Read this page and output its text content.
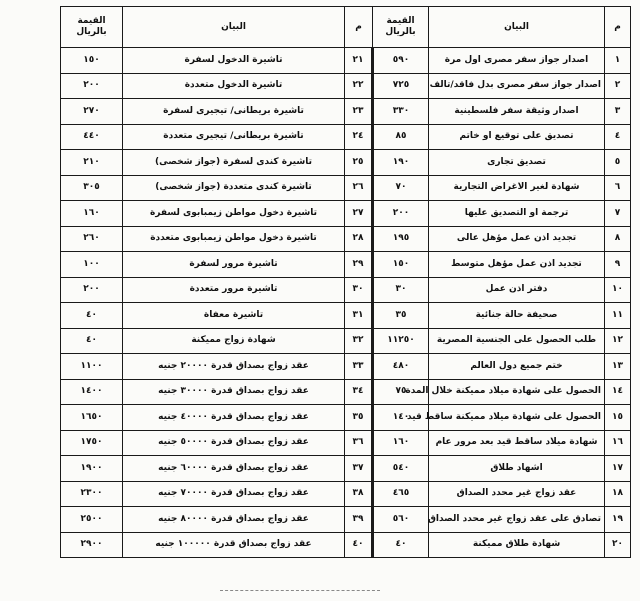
م	البيان	القيمة بالريال	م	البيان	القيمة بالريال
١	اصدار جواز سفر مصرى اول مرة	٥٩٠	٢١	تاشيرة الدخول لسفرة	١٥٠
٢	اصدار جواز سفر مصرى بدل فاقد/تالف	٧٢٥	٢٢	تاشيرة الدخول متعددة	٢٠٠
٣	اصدار وثيقة سفر فلسطينية	٣٣٠	٢٣	تاشيرة بريطانى/ تيجيرى لسفرة	٢٧٠
٤	تصديق على توقيع او خاتم	٨٥	٢٤	تاشيرة بريطانى/ تيجيرى متعددة	٤٤٠
٥	تصديق تجارى	١٩٠	٢٥	تاشيرة كندى لسفرة (جواز شخصى)	٢١٠
٦	شهادة لغير الاغراض التجارية	٧٠	٢٦	تاشيرة كندى متعددة (جواز شخصى)	٣٠٥
٧	ترجمة او التصديق عليها	٢٠٠	٢٧	تاشيرة دخول مواطن زيمبابوى لسفرة	١٦٠
٨	تجديد اذن عمل مؤهل عالى	١٩٥	٢٨	تاشيرة دخول مواطن زيمبابوى متعددة	٢٦٠
٩	تجديد اذن عمل مؤهل متوسط	١٥٠	٢٩	تاشيرة مرور لسفرة	١٠٠
١٠	دفتر اذن عمل	٣٠	٣٠	تاشيرة مرور متعددة	٢٠٠
١١	صحيفة حالة جنائية	٣٥	٣١	تاشيرة معفاة	٤٠
١٢	طلب الحصول على الجنسية المصرية	١١٢٥٠	٣٢	شهادة زواج مميكنة	٤٠
١٣	ختم جميع دول العالم	٤٨٠	٣٣	عقد زواج بصداق قدرة ٢٠٠٠٠ جنيه	١١٠٠
١٤	الحصول على شهادة ميلاد مميكنة خلال المدة	٧٥	٣٤	عقد زواج بصداق قدرة ٣٠٠٠٠ جنيه	١٤٠٠
١٥	الحصول على شهادة ميلاد مميكنة ساقط قيد	١٤٠	٣٥	عقد زواج بصداق قدرة ٤٠٠٠٠ جنيه	١٦٥٠
١٦	شهادة ميلاد ساقط قيد بعد مرور عام	١٦٠	٣٦	عقد زواج بصداق قدرة ٥٠٠٠٠ جنيه	١٧٥٠
١٧	اشهاد طلاق	٥٤٠	٣٧	عقد زواج بصداق قدرة ٦٠٠٠٠ جنيه	١٩٠٠
١٨	عقد زواج غير محدد الصداق	٤٦٥	٣٨	عقد زواج بصداق قدرة ٧٠٠٠٠ جنيه	٢٣٠٠
١٩	تصادق على عقد زواج غير محدد الصداق	٥٦٠	٣٩	عقد زواج بصداق قدرة ٨٠٠٠٠ جنيه	٢٥٠٠
٢٠	شهادة طلاق مميكنة	٤٠	٤٠	عقد زواج بصداق قدرة ١٠٠٠٠٠ جنيه	٢٩٠٠
